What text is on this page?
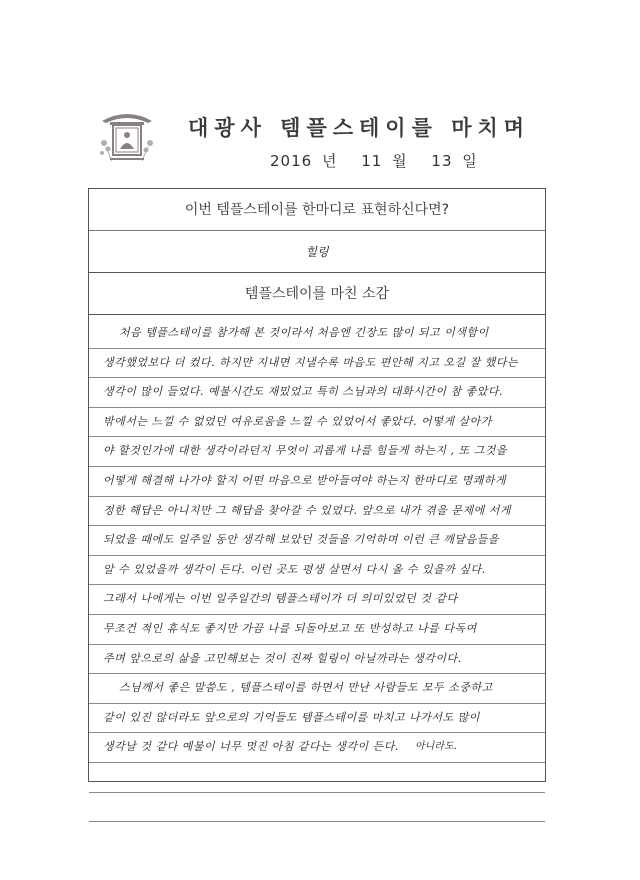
대광사 템플스테이를 마치며
2016 년 11 월 13 일
이번 템플스테이를 한마디로 표현하신다면?
힐링
템플스테이를 마친 소감
처음 템플스테이를 참가해 본 것이라서 처음엔 긴장도 많이 되고 이색함이
생각했었보다 더 컸다. 하지만 지내면 지낼수록 마음도 편안해 지고 오길 잘 했다는
생각이 많이 들었다. 예불시간도 재밌었고 특히 스님과의 대화시간이 참 좋았다.
밖에서는 느낄 수 없었던 여유로움을 느낄 수 있었어서 좋았다. 어떻게 살아가
야 할것인가에 대한 생각이라던지 무엇이 괴롭게 나를 힘들게 하는지 , 또 그것을
어떻게 해결해 나가야 할지 어떤 마음으로 받아들여야 하는지 한마디로 명쾌하게
정한 해답은 아니지만 그 해답을 찾아갈 수 있었다. 앞으로 내가 겪을 문제에 서게
되었을 때에도 일주일 동안 생각해 보았던 것들을 기억하며 이런 큰 깨달음들을
알 수 있었을까 생각이 든다. 이런 곳도 평생 살면서 다시 올 수 있을까 싶다.
그래서 나에게는 이번 일주일간의 템플스테이가 더 의미있었던 것 같다
무조건 적인 휴식도 좋지만 가끔 나를 되돌아보고 또 반성하고 나를 다독여
주며 앞으로의 삶을 고민해보는 것이 진짜 힐링이 아닐까라는 생각이다.
스님께서 좋은 말씀도 , 템플스테이를 하면서 만난 사람들도 모두 소중하고
같이 있진 않더라도 앞으로의 기억들도 템플스테이를 마치고 나가서도 많이
생각날 것 같다 예불이 너무 멋진 아침 같다는 생각이 든다.	아니라도.
